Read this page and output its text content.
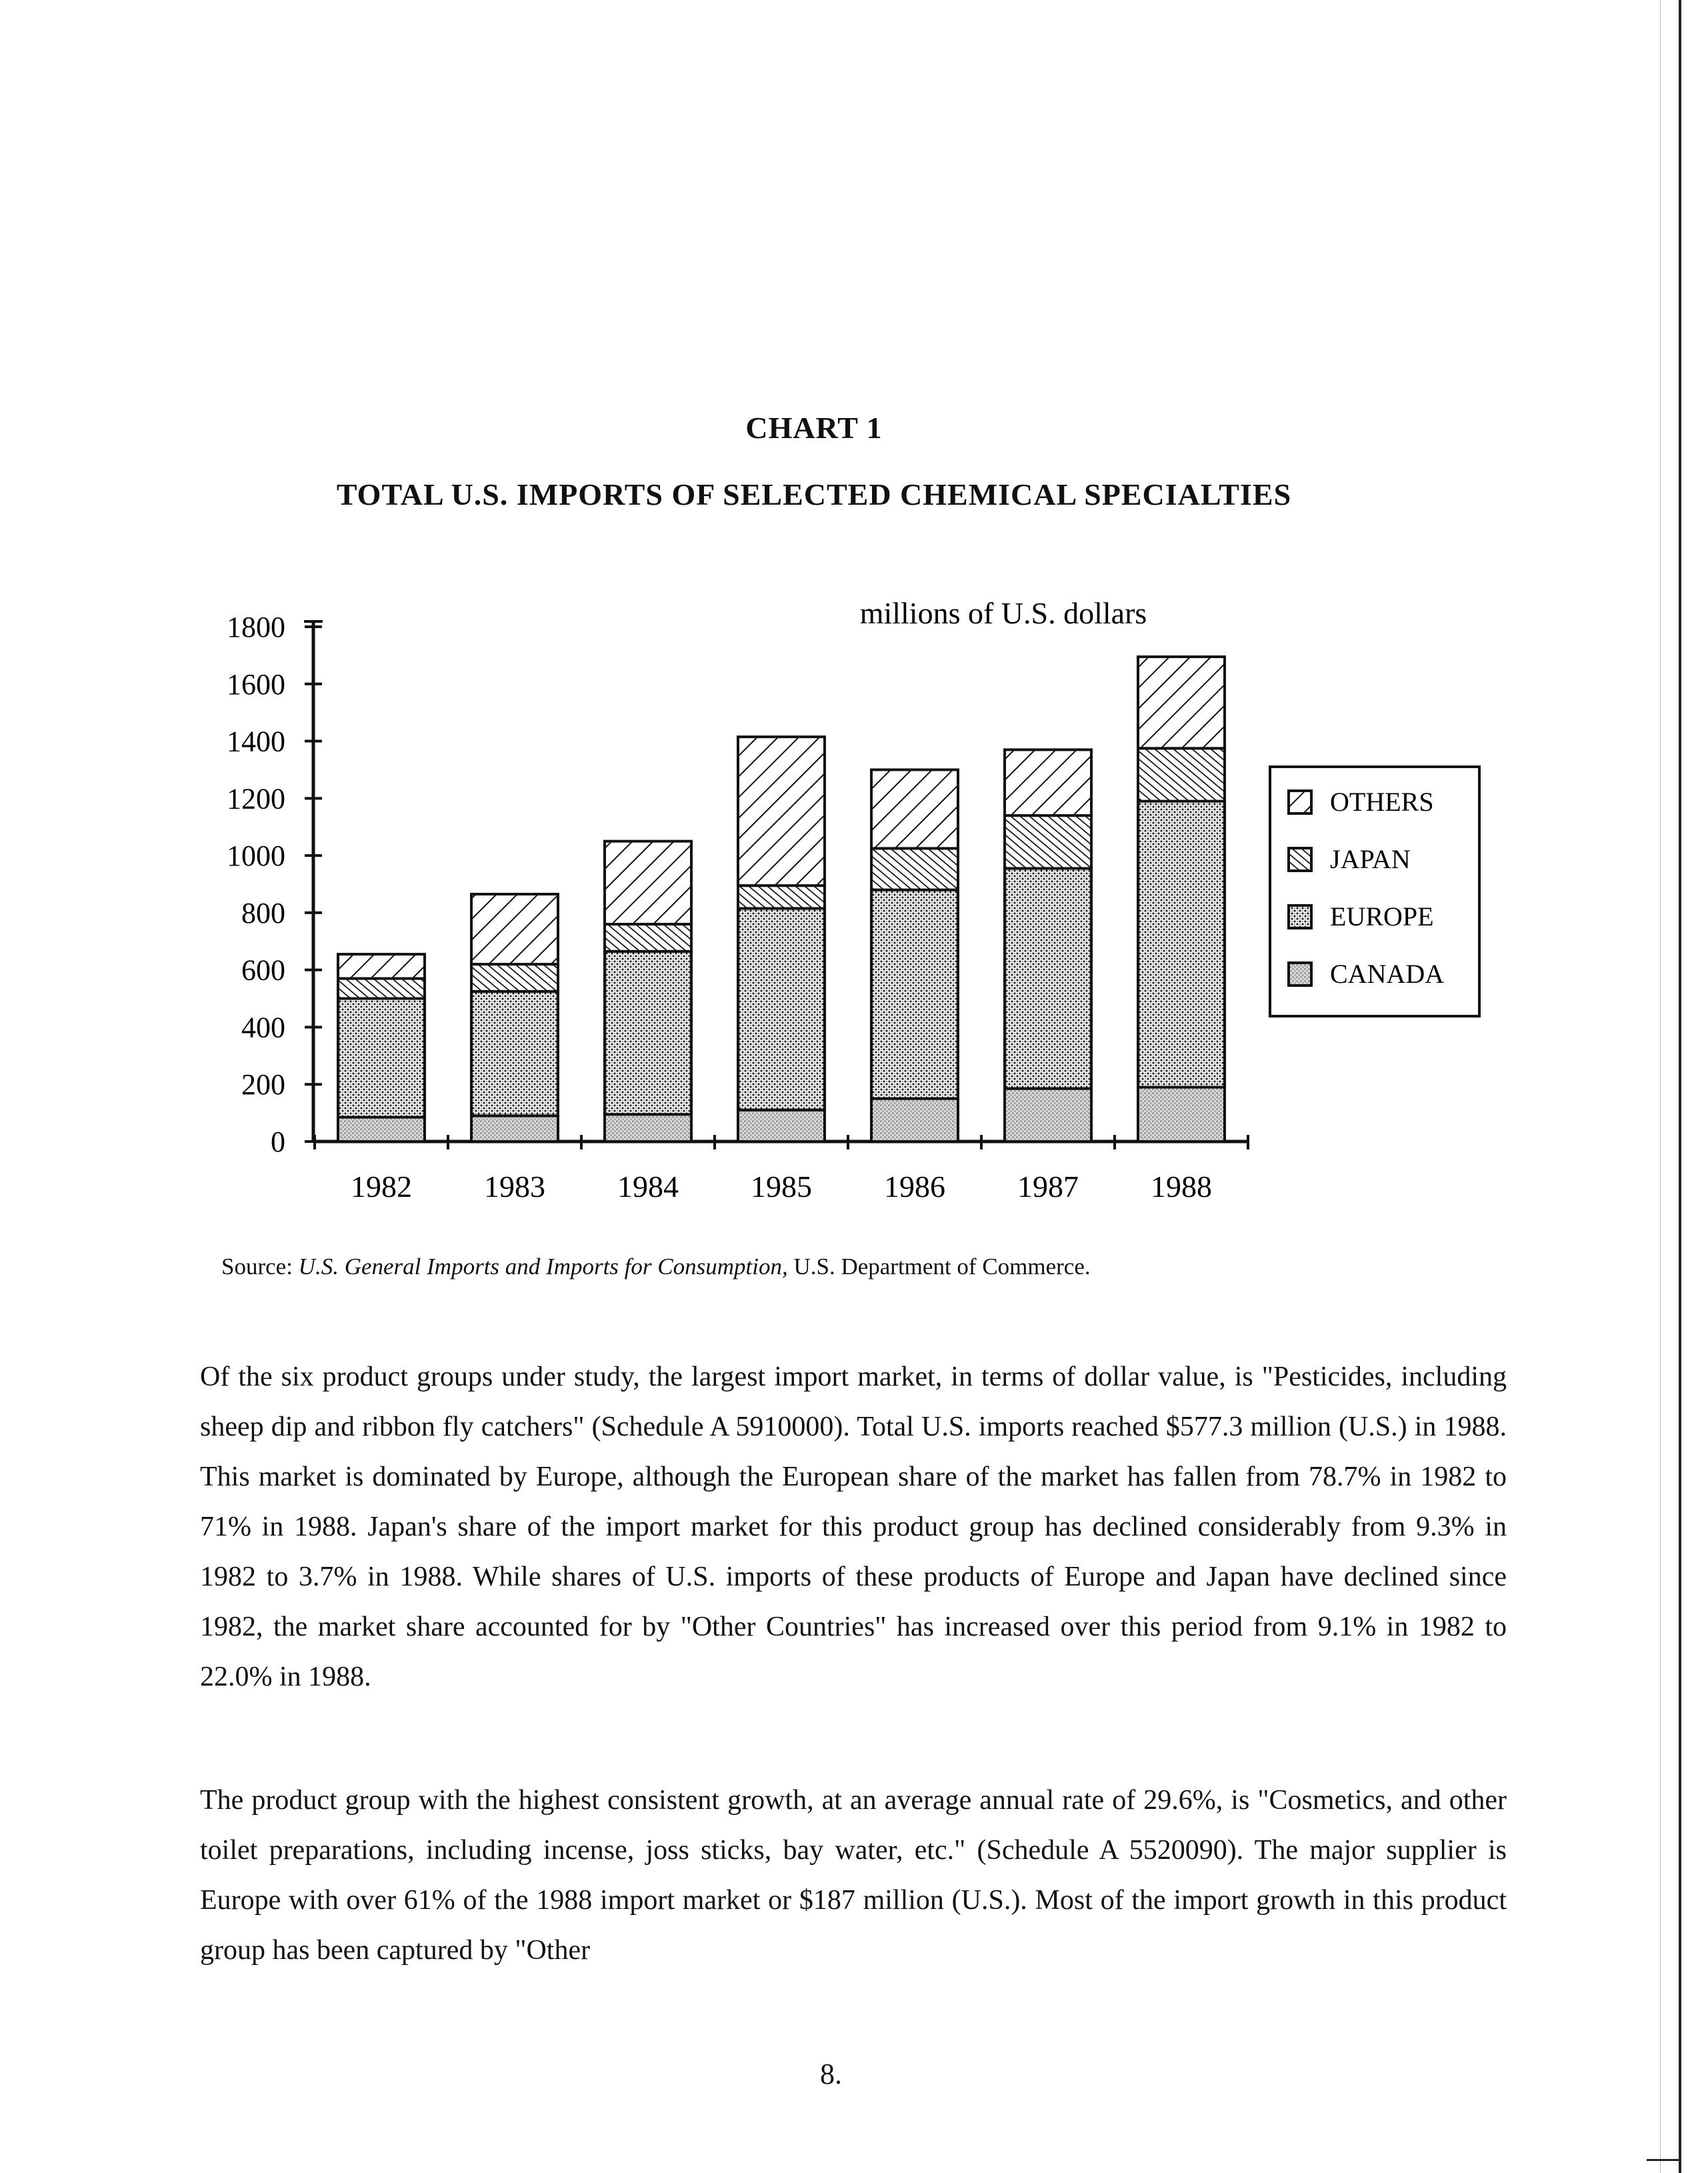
CHART 1
TOTAL U.S. IMPORTS OF SELECTED CHEMICAL SPECIALTIES
0
200
400
600
800
1000
1200
1400
1600
1800	millions of U.S. dollars
1982 1983 1984 1985 1986 1987 1988
OTHERS
JAPAN
EUROPE
CANADA
Source: U.S. General Imports and Imports for Consumption, U.S. Department of Commerce.
Of the six product groups under study, the largest import market, in terms of dollar value, is "Pesticides, including sheep dip and ribbon fly catchers" (Schedule A 5910000). Total U.S. imports reached $577.3 million (U.S.) in 1988. This market is dominated by Europe, although the European share of the market has fallen from 78.7% in 1982 to 71% in 1988. Japan's share of the import market for this product group has declined considerably from 9.3% in 1982 to 3.7% in 1988. While shares of U.S. imports of these products of Europe and Japan have declined since 1982, the market share accounted for by "Other Countries" has increased over this period from 9.1% in 1982 to 22.0% in 1988.
The product group with the highest consistent growth, at an average annual rate of 29.6%, is "Cosmetics, and other toilet preparations, including incense, joss sticks, bay water, etc." (Schedule A 5520090). The major supplier is Europe with over 61% of the 1988 import market or $187 million (U.S.). Most of the import growth in this product group has been captured by "Other
8.
